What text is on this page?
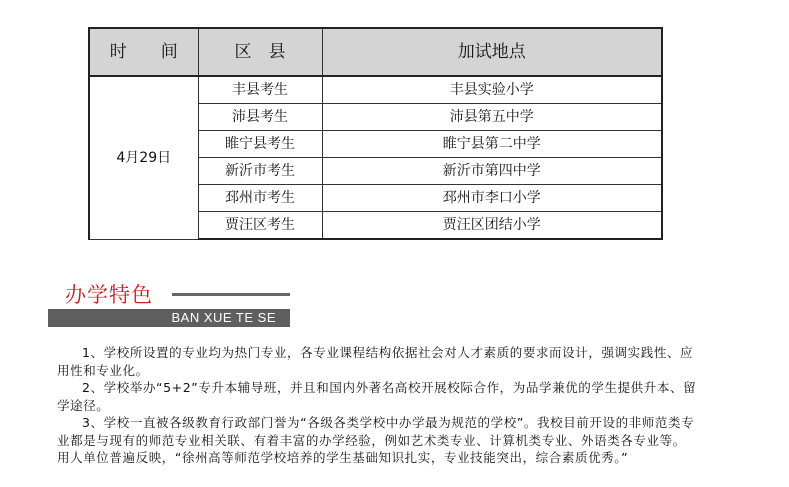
时　　间	区　县	加试地点
4月29日	丰县考生	丰县实验小学
	沛县考生	沛县第五中学
	睢宁县考生	睢宁县第二中学
	新沂市考生	新沂市第四中学
	邳州市考生	邳州市李口小学
	贾汪区考生	贾汪区团结小学
办学特色
BAN XUE TE SE

1、学校所设置的专业均为热门专业，各专业课程结构依据社会对人才素质的要求而设计，强调实践性、应用性和专业化。

2、学校举办“5+2”专升本辅导班，并且和国内外著名高校开展校际合作，为品学兼优的学生提供升本、留学途径。

3、学校一直被各级教育行政部门誉为“各级各类学校中办学最为规范的学校”。我校目前开设的非师范类专业都是与现有的师范专业相关联、有着丰富的办学经验，例如艺术类专业、计算机类专业、外语类各专业等。 用人单位普遍反映，“徐州高等师范学校培养的学生基础知识扎实，专业技能突出，综合素质优秀。”
